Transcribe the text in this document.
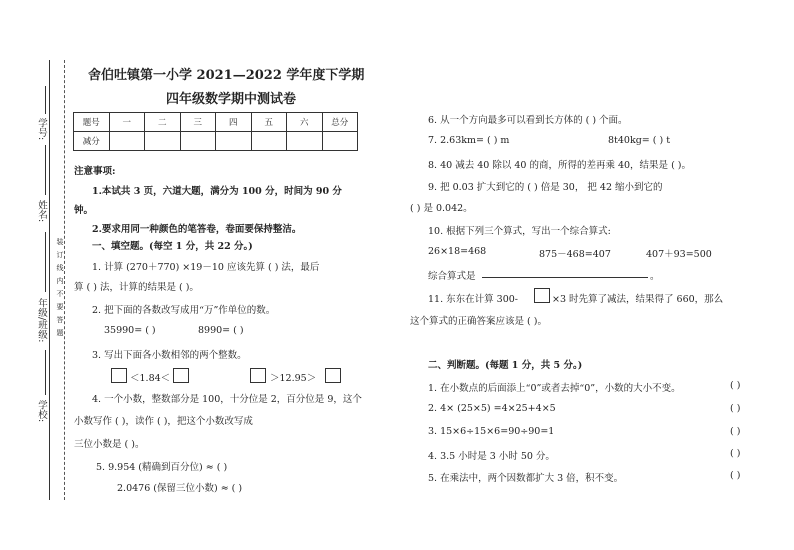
学号:
姓名:
年级/班级:
学校:
装订线内不要答题
舍伯吐镇第一小学 2021—2022 学年度下学期
四年级数学期中测试卷
题号	一	二	三	四	五	六	总分
减分							
注意事项:
1.本试共 3 页，六道大题，满分为 100 分，时间为 90 分
钟。
2.要求用同一种颜色的笔答卷，卷面要保持整洁。
一、填空题。(每空 1 分，共 22 分。)
1. 计算 (270＋770) ×19－10 应该先算 ( ) 法，最后
算 ( ) 法，计算的结果是 ( )。
2. 把下面的各数改写成用“万”作单位的数。
35990= ( )	8990= ( )
3. 写出下面各小数相邻的两个整数。
＜1.84＜	＞12.95＞
4. 一个小数，整数部分是 100，十分位是 2，百分位是 9，这个
小数写作 ( )，读作 ( )，把这个小数改写成
三位小数是 ( )。
5. 9.954 (精确到百分位) ≈ ( )
2.0476 (保留三位小数) ≈ ( )
6. 从一个方向最多可以看到长方体的 ( ) 个面。
7. 2.63km= ( ) m	8t40kg= ( ) t
8. 40 减去 40 除以 40 的商，所得的差再乘 40，结果是 ( )。
9. 把 0.03 扩大到它的 ( ) 倍是 30， 把 42 缩小到它的
( ) 是 0.042。
10. 根据下列三个算式，写出一个综合算式:
26×18=468	875－468=407	407＋93=500
综合算式是	。
11. 东东在计算 300-	×3 时先算了减法，结果得了 660，那么
这个算式的正确答案应该是 ( )。
二、判断题。(每题 1 分，共 5 分。)
1. 在小数点的后面添上“0”或者去掉“0”，小数的大小不变。	( )
2. 4× (25×5) =4×25+4×5	( )
3. 15×6÷15×6=90÷90=1	( )
4. 3.5 小时是 3 小时 50 分。	( )
5. 在乘法中，两个因数都扩大 3 倍，积不变。	( )
